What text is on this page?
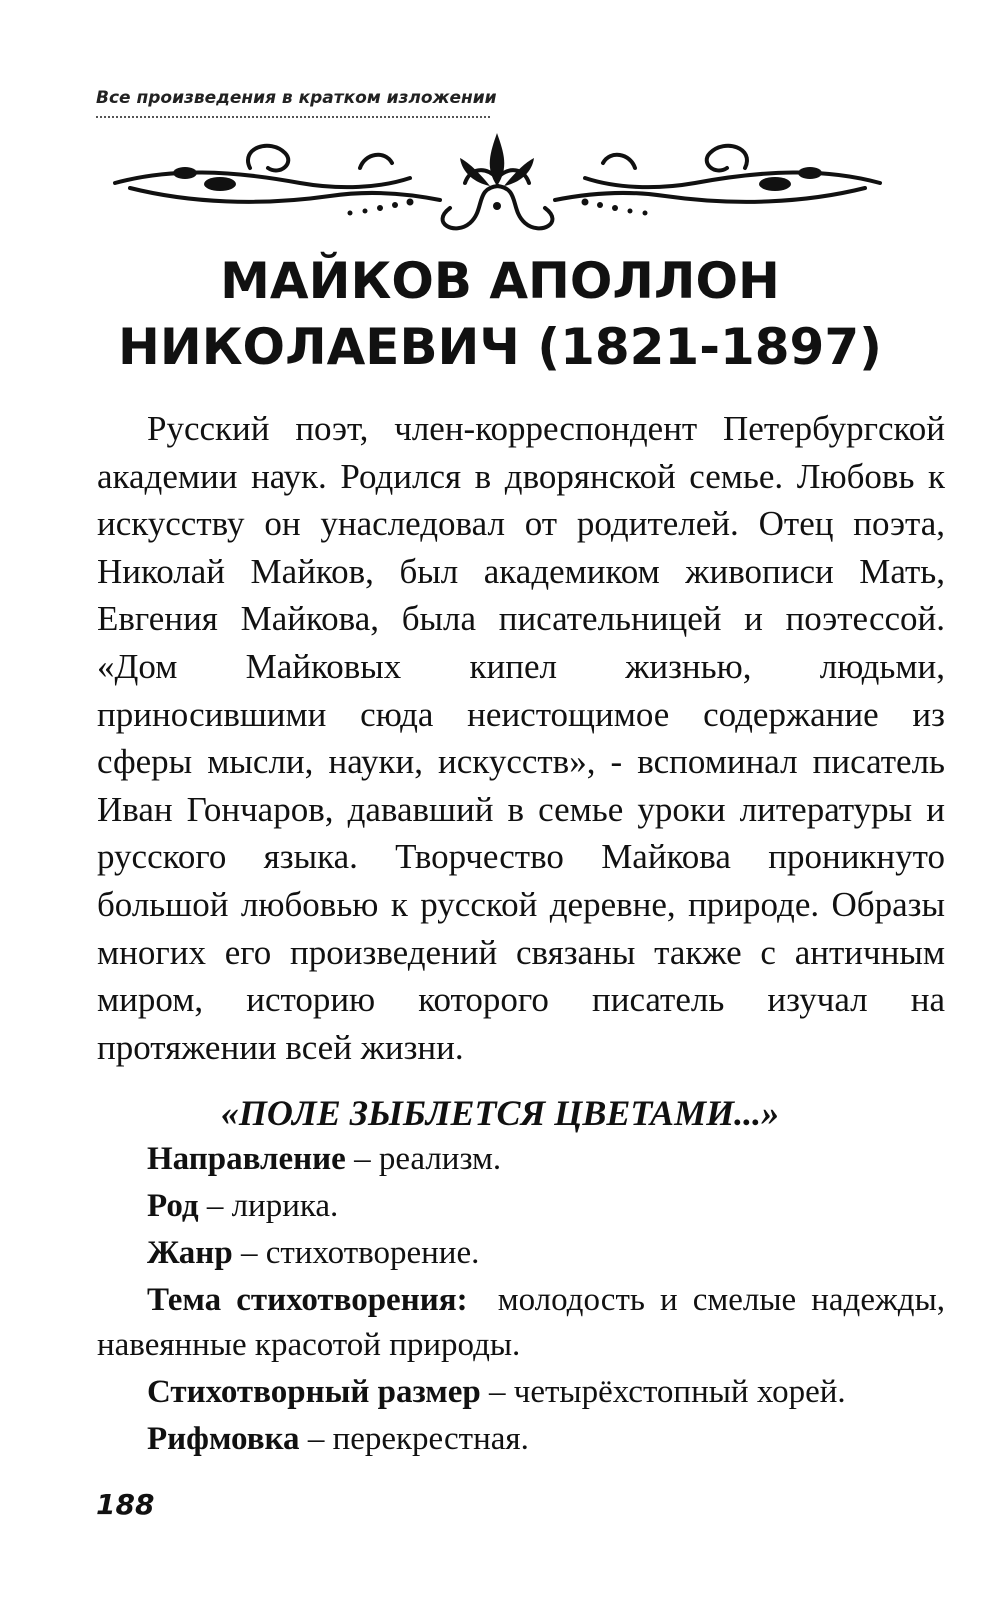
Все произведения в кратком изложении
МАЙКОВ АПОЛЛОН
НИКОЛАЕВИЧ (1821-1897)

Русский поэт, член-корреспондент Петербургской академии наук. Родился в дворянской семье. Любовь к искусству он унаследовал от родителей. Отец поэта, Николай Майков, был академиком живописи Мать, Евгения Майкова, была писательницей и поэтессой. «Дом Майковых кипел жизнью, людьми, приносившими сюда неистощимое содержание из сферы мысли, науки, искусств», - вспоминал писатель Иван Гончаров, дававший в семье уроки литературы и русского языка. Творчество Майкова проникнуто большой любовью к русской деревне, природе. Образы многих его произведений связаны также с античным миром, историю которого писатель изучал на протяжении всей жизни.

«ПОЛЕ ЗЫБЛЕТСЯ ЦВЕТАМИ...»

Направление – реализм.

Род – лирика.

Жанр – стихотворение.

Тема стихотворения: молодость и смелые надежды, навеянные красотой природы.

Стихотворный размер – четырёхстопный хорей.

Рифмовка – перекрестная.

188
